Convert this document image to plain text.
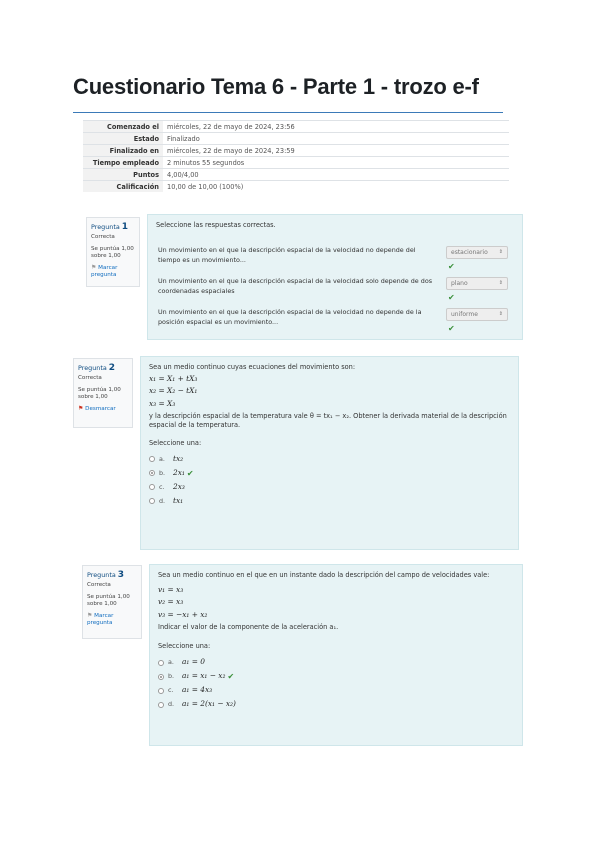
Cuestionario Tema 6 - Parte 1 - trozo e-f
Comenzado el	miércoles, 22 de mayo de 2024, 23:56
Estado	Finalizado
Finalizado en	miércoles, 22 de mayo de 2024, 23:59
Tiempo empleado	2 minutos 55 segundos
Puntos	4,00/4,00
Calificación	10,00 de 10,00 (100%)
Pregunta 1
Correcta
Se puntúa 1,00 sobre 1,00
⚑ Marcar pregunta
Seleccione las respuestas correctas.
Un movimiento en el que la descripción espacial de la velocidad no depende del tiempo es un movimiento...
estacionario ⇕
✔
Un movimiento en el que la descripción espacial de la velocidad solo depende de dos coordenadas espaciales
plano	⇕
✔
Un movimiento en el que la descripción espacial de la velocidad no depende de la posición espacial es un movimiento...
uniforme	⇕
✔
Pregunta 2
Correcta
Se puntúa 1,00 sobre 1,00
⚑ Desmarcar
Sea un medio continuo cuyas ecuaciones del movimiento son:
x₁ = X₁ + tX₃
x₂ = X₂ − tX₁
x₃ = X₃
y la descripción espacial de la temperatura vale θ = tx₁ − x₂. Obtener la derivada material de la descripción espacial de la temperatura.
Seleccione una:
a.	tx₂
b.	2x₁
✔
c.	2x₃
d.	tx₁
Pregunta 3
Correcta
Se puntúa 1,00 sobre 1,00
⚑ Marcar pregunta
Sea un medio continuo en el que en un instante dado la descripción del campo de velocidades vale:
v₁ = x₃
v₂ = x₃
v₃ = −x₁ + x₂
Indicar el valor de la componente de la aceleración a₁.
Seleccione una:
a.	a₁ = 0
b.	a₁ = x₁ − x₂
✔
c.	a₁ = 4x₃
d.	a₁ = 2(x₁ − x₂)
